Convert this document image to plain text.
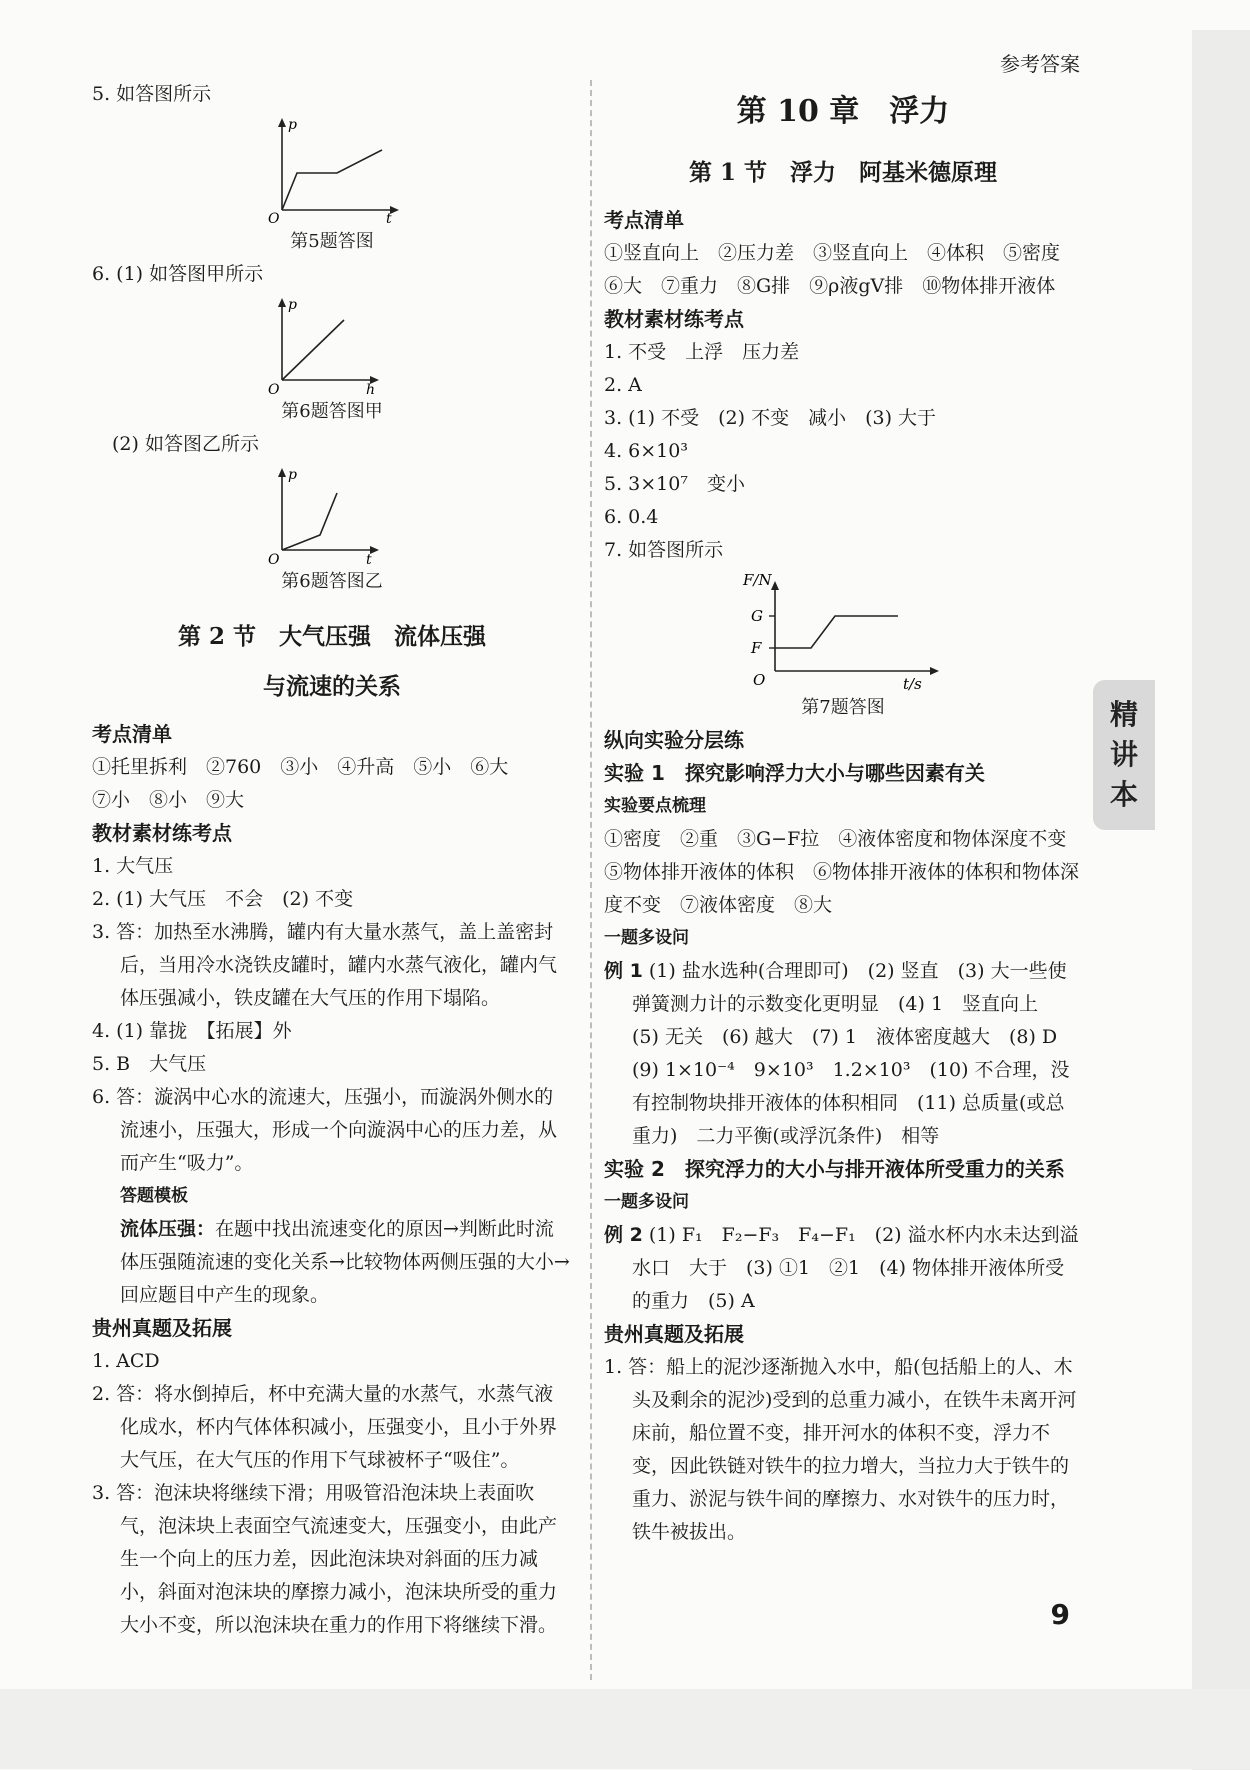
参考答案

5. 如答图所示

p
t
O

第5题答图

6. (1) 如答图甲所示

p
h
O

第6题答图甲

(2) 如答图乙所示

p
t
O

第6题答图乙

第 2 节　大气压强　流体压强
与流速的关系

考点清单

①托里拆利　②760　③小　④升高　⑤小　⑥大

⑦小　⑧小　⑨大

教材素材练考点

1. 大气压

2. (1) 大气压　不会　(2) 不变

3. 答：加热至水沸腾，罐内有大量水蒸气，盖上盖密封后，当用冷水浇铁皮罐时，罐内水蒸气液化，罐内气体压强减小，铁皮罐在大气压的作用下塌陷。

4. (1) 靠拢　【拓展】外

5. B　大气压

6. 答：漩涡中心水的流速大，压强小，而漩涡外侧水的流速小，压强大，形成一个向漩涡中心的压力差，从而产生“吸力”。

答题模板

流体压强：在题中找出流速变化的原因→判断此时流体压强随流速的变化关系→比较物体两侧压强的大小→回应题目中产生的现象。

贵州真题及拓展

1. ACD

2. 答：将水倒掉后，杯中充满大量的水蒸气，水蒸气液化成水，杯内气体体积减小，压强变小，且小于外界大气压，在大气压的作用下气球被杯子“吸住”。

3. 答：泡沫块将继续下滑；用吸管沿泡沫块上表面吹气，泡沫块上表面空气流速变大，压强变小，由此产生一个向上的压力差，因此泡沫块对斜面的压力减小，斜面对泡沫块的摩擦力减小，泡沫块所受的重力大小不变，所以泡沫块在重力的作用下将继续下滑。

第 10 章　浮力
第 1 节　浮力　阿基米德原理

考点清单

①竖直向上　②压力差　③竖直向上　④体积　⑤密度　⑥大　⑦重力　⑧G排　⑨ρ液gV排　⑩物体排开液体

教材素材练考点

1. 不受　上浮　压力差

2. A

3. (1) 不受　(2) 不变　减小　(3) 大于

4. 6×10³

5. 3×10⁷　变小

6. 0.4

7. 如答图所示

F/N
G
F
O	t/s

第7题答图

纵向实验分层练

实验 1　探究影响浮力大小与哪些因素有关

实验要点梳理

①密度　②重　③G−F拉　④液体密度和物体深度不变　⑤物体排开液体的体积　⑥物体排开液体的体积和物体深度不变　⑦液体密度　⑧大

一题多设问

例 1 (1) 盐水选种(合理即可)　(2) 竖直　(3) 大一些使弹簧测力计的示数变化更明显　(4) 1　竖直向上　(5) 无关　(6) 越大　(7) 1　液体密度越大　(8) D　(9) 1×10⁻⁴　9×10³　1.2×10³　(10) 不合理，没有控制物块排开液体的体积相同　(11) 总质量(或总重力)　二力平衡(或浮沉条件)　相等

实验 2　探究浮力的大小与排开液体所受重力的关系

一题多设问

例 2 (1) F₁　F₂−F₃　F₄−F₁　(2) 溢水杯内水未达到溢水口　大于　(3) ①1　②1　(4) 物体排开液体所受的重力　(5) A

贵州真题及拓展

1. 答：船上的泥沙逐渐抛入水中，船(包括船上的人、木头及剩余的泥沙)受到的总重力减小，在铁牛未离开河床前，船位置不变，排开河水的体积不变，浮力不变，因此铁链对铁牛的拉力增大，当拉力大于铁牛的重力、淤泥与铁牛间的摩擦力、水对铁牛的压力时，铁牛被拔出。

精
讲
本
9
